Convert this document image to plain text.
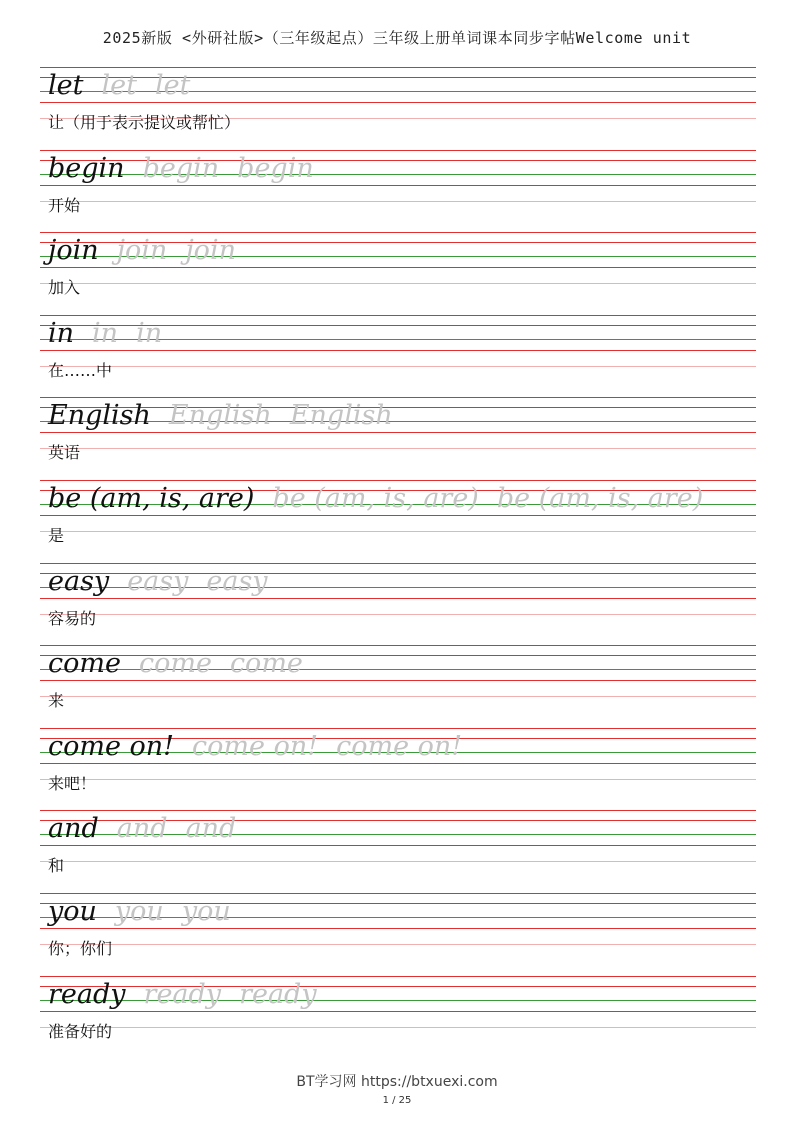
2025新版 <外研社版>（三年级起点）三年级上册单词课本同步字帖Welcome unit
let let let
让（用于表示提议或帮忙）
begin begin begin
开始
join join join
加入
in in in
在……中
English English English
英语
be (am, is, are) be (am, is, are) be (am, is, are)
是
easy easy easy
容易的
come come come
来
come on! come on! come on!
来吧！
and and and
和
you you you
你；你们
ready ready ready
准备好的
BT学习网 https://btxuexi.com
1 / 25
